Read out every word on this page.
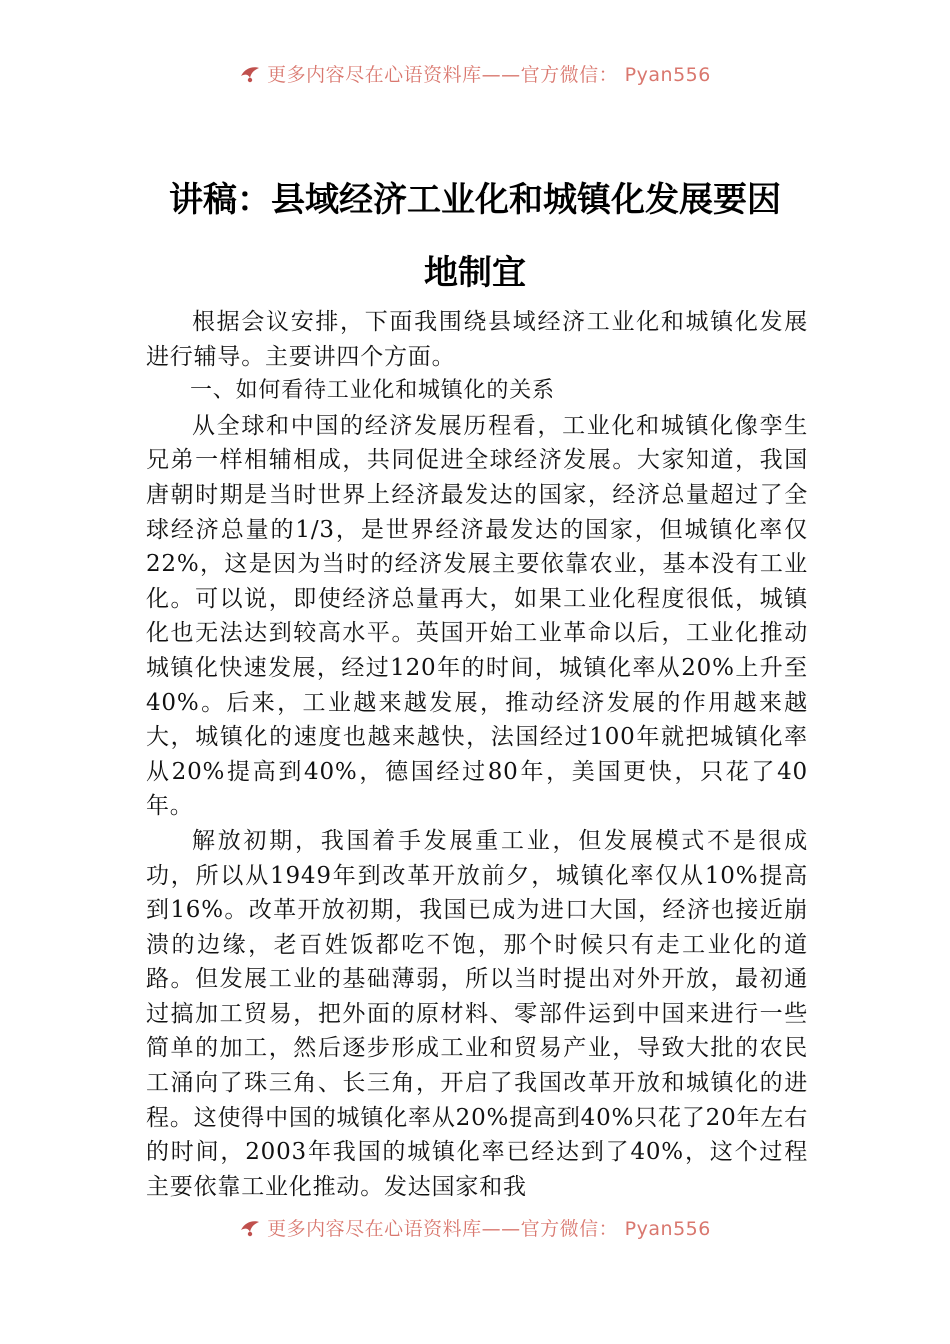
更多内容尽在心语资料库——官方微信： Pyan556
讲稿：县域经济工业化和城镇化发展要因
地制宜

根据会议安排，下面我围绕县域经济工业化和城镇化发展进行辅导。主要讲四个方面。

一、如何看待工业化和城镇化的关系

从全球和中国的经济发展历程看，工业化和城镇化像孪生兄弟一样相辅相成，共同促进全球经济发展。大家知道，我国唐朝时期是当时世界上经济最发达的国家，经济总量超过了全球经济总量的1/3，是世界经济最发达的国家，但城镇化率仅22%，这是因为当时的经济发展主要依靠农业，基本没有工业化。可以说，即使经济总量再大，如果工业化程度很低，城镇化也无法达到较高水平。英国开始工业革命以后，工业化推动城镇化快速发展，经过120年的时间，城镇化率从20%上升至40%。后来，工业越来越发展，推动经济发展的作用越来越大，城镇化的速度也越来越快，法国经过100年就把城镇化率从20%提高到40%，德国经过80年，美国更快，只花了40年。

解放初期，我国着手发展重工业，但发展模式不是很成功，所以从1949年到改革开放前夕，城镇化率仅从10%提高到16%。改革开放初期，我国已成为进口大国，经济也接近崩溃的边缘，老百姓饭都吃不饱，那个时候只有走工业化的道路。但发展工业的基础薄弱，所以当时提出对外开放，最初通过搞加工贸易，把外面的原材料、零部件运到中国来进行一些简单的加工，然后逐步形成工业和贸易产业，导致大批的农民工涌向了珠三角、长三角，开启了我国改革开放和城镇化的进程。这使得中国的城镇化率从20%提高到40%只花了20年左右的时间，2003年我国的城镇化率已经达到了40%，这个过程主要依靠工业化推动。发达国家和我

更多内容尽在心语资料库——官方微信： Pyan556
